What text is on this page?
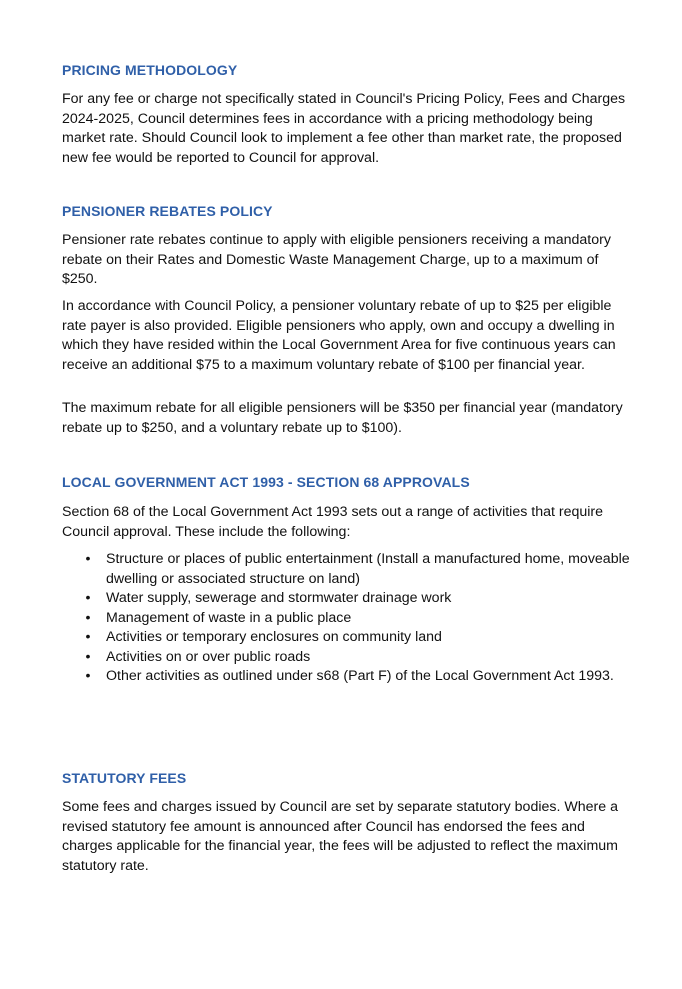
PRICING METHODOLOGY

For any fee or charge not specifically stated in Council's Pricing Policy, Fees and Charges 2024-2025, Council determines fees in accordance with a pricing methodology being market rate. Should Council look to implement a fee other than market rate, the proposed new fee would be reported to Council for approval.

PENSIONER REBATES POLICY

Pensioner rate rebates continue to apply with eligible pensioners receiving a mandatory rebate on their Rates and Domestic Waste Management Charge, up to a maximum of $250.

In accordance with Council Policy, a pensioner voluntary rebate of up to $25 per eligible rate payer is also provided. Eligible pensioners who apply, own and occupy a dwelling in which they have resided within the Local Government Area for five continuous years can receive an additional $75 to a maximum voluntary rebate of $100 per financial year.

The maximum rebate for all eligible pensioners will be $350 per financial year (mandatory rebate up to $250, and a voluntary rebate up to $100).

LOCAL GOVERNMENT ACT 1993 - SECTION 68 APPROVALS

Section 68 of the Local Government Act 1993 sets out a range of activities that require Council approval. These include the following:

• Structure or places of public entertainment (Install a manufactured home, moveable dwelling or associated structure on land)
• Water supply, sewerage and stormwater drainage work
• Management of waste in a public place
• Activities or temporary enclosures on community land
• Activities on or over public roads
• Other activities as outlined under s68 (Part F) of the Local Government Act 1993.
STATUTORY FEES

Some fees and charges issued by Council are set by separate statutory bodies. Where a revised statutory fee amount is announced after Council has endorsed the fees and charges applicable for the financial year, the fees will be adjusted to reflect the maximum statutory rate.
